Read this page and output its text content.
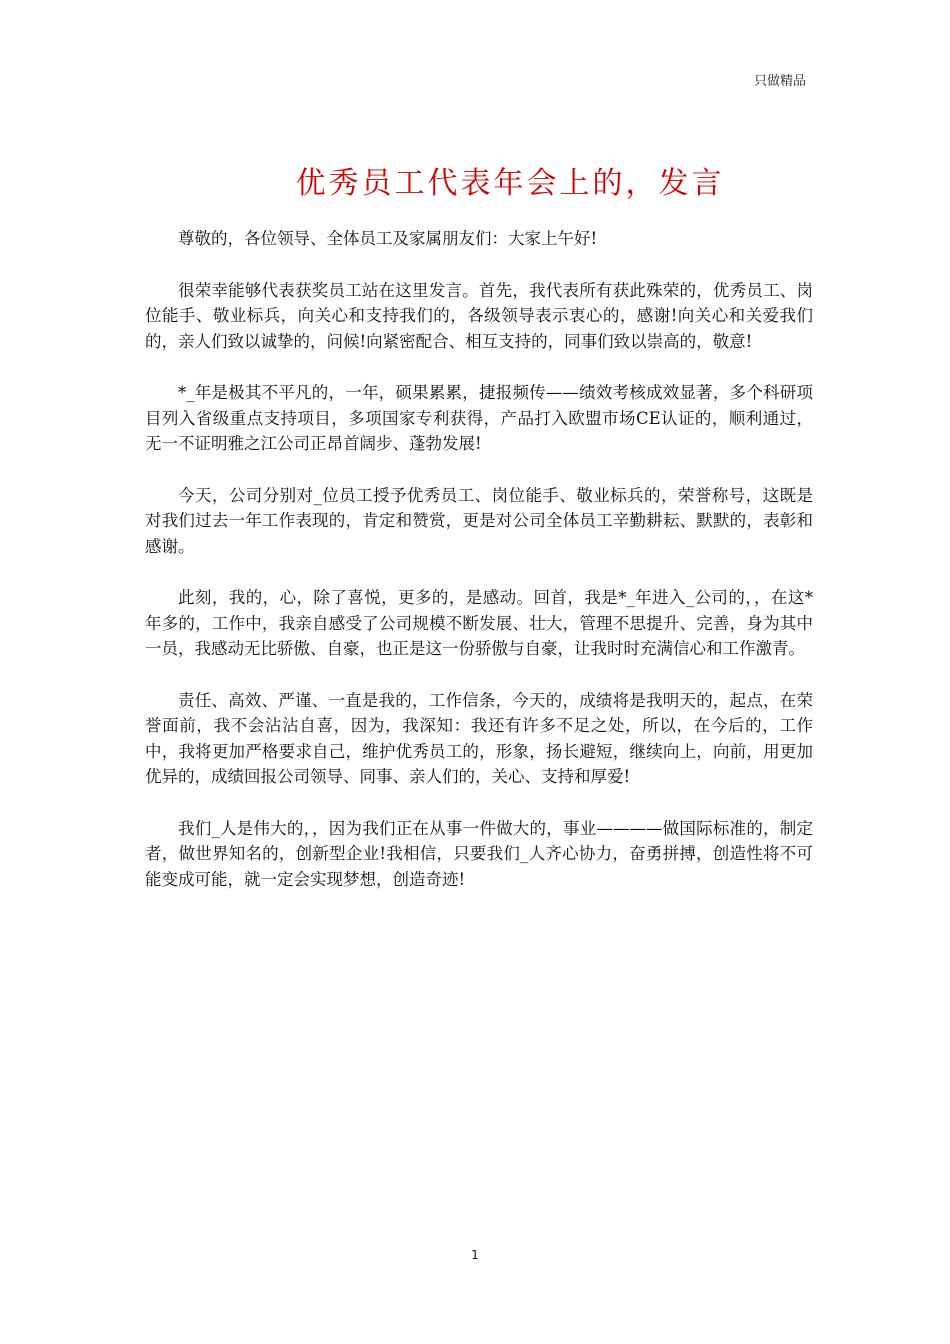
只做精品
优秀员工代表年会上的，发言

尊敬的，各位领导、全体员工及家属朋友们：大家上午好!

很荣幸能够代表获奖员工站在这里发言。首先，我代表所有获此殊荣的，优秀员工、岗位能手、敬业标兵，向关心和支持我们的，各级领导表示衷心的，感谢!向关心和关爱我们的，亲人们致以诚挚的，问候!向紧密配合、相互支持的，同事们致以崇高的，敬意!

*_年是极其不平凡的，一年，硕果累累，捷报频传——绩效考核成效显著，多个科研项目列入省级重点支持项目，多项国家专利获得，产品打入欧盟市场CE认证的，顺利通过，无一不证明雅之江公司正昂首阔步、蓬勃发展!

今天，公司分别对_位员工授予优秀员工、岗位能手、敬业标兵的，荣誉称号，这既是对我们过去一年工作表现的，肯定和赞赏，更是对公司全体员工辛勤耕耘、默默的，表彰和感谢。

此刻，我的，心，除了喜悦，更多的，是感动。回首，我是*_年进入_公司的，，在这*年多的，工作中，我亲自感受了公司规模不断发展、壮大，管理不思提升、完善，身为其中一员，我感动无比骄傲、自豪，也正是这一份骄傲与自豪，让我时时充满信心和工作激青。

责任、高效、严谨、一直是我的，工作信条，今天的，成绩将是我明天的，起点，在荣誉面前，我不会沾沾自喜，因为，我深知：我还有许多不足之处，所以，在今后的，工作中，我将更加严格要求自己，维护优秀员工的，形象，扬长避短，继续向上，向前，用更加优异的，成绩回报公司领导、同事、亲人们的，关心、支持和厚爱!

我们_人是伟大的，，因为我们正在从事一件做大的，事业————做国际标准的，制定者，做世界知名的，创新型企业!我相信，只要我们_人齐心协力，奋勇拼搏，创造性将不可能变成可能，就一定会实现梦想，创造奇迹!

1
